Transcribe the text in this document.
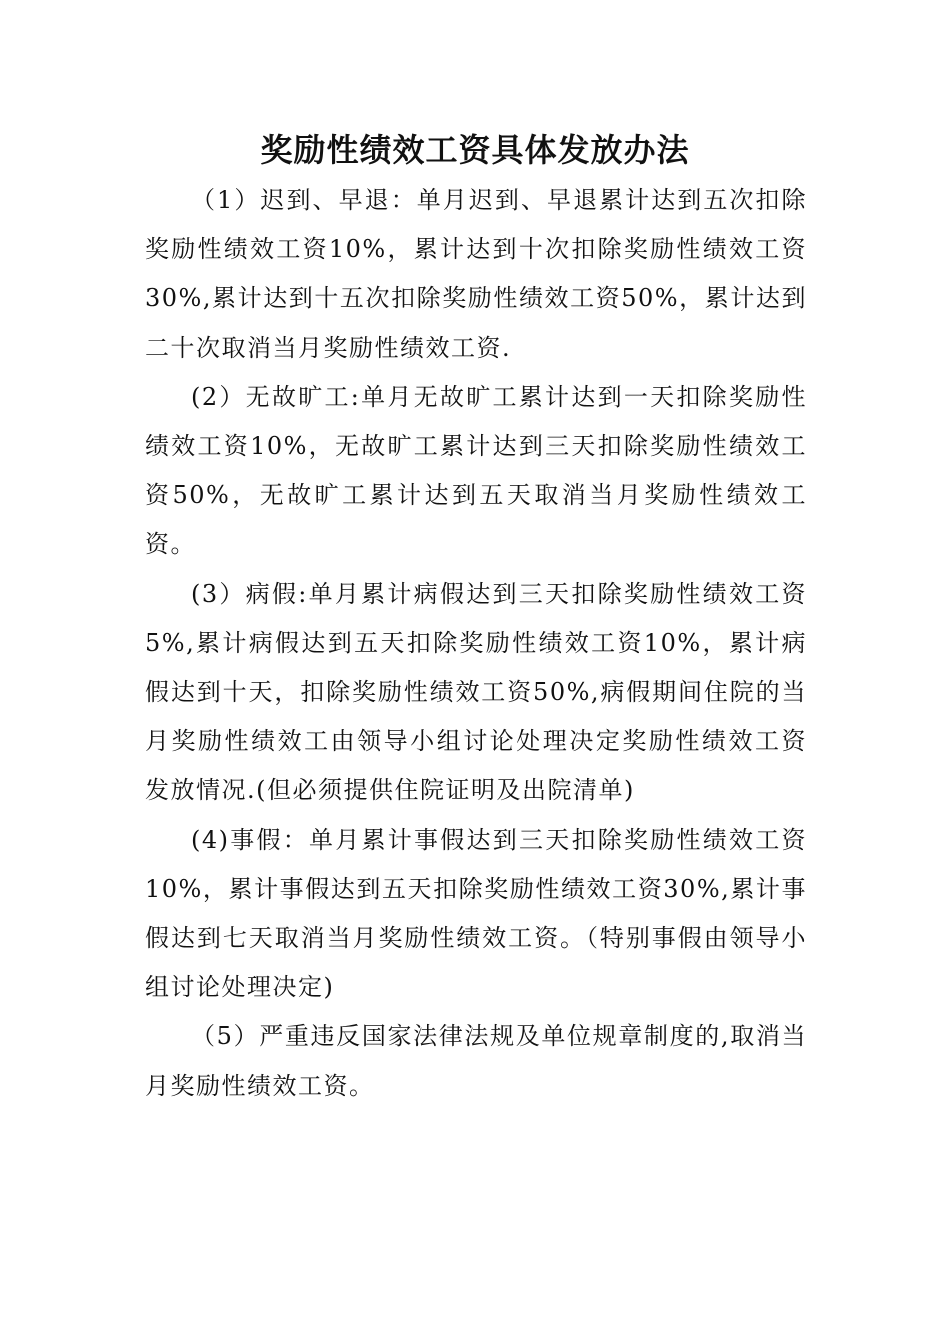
奖励性绩效工资具体发放办法

（1）迟到、早退：单月迟到、早退累计达到五次扣除奖励性绩效工资10%，累计达到十次扣除奖励性绩效工资30%,累计达到十五次扣除奖励性绩效工资50%，累计达到二十次取消当月奖励性绩效工资.

(2）无故旷工:单月无故旷工累计达到一天扣除奖励性绩效工资10%，无故旷工累计达到三天扣除奖励性绩效工资50%，无故旷工累计达到五天取消当月奖励性绩效工资。

(3）病假:单月累计病假达到三天扣除奖励性绩效工资5%,累计病假达到五天扣除奖励性绩效工资10%，累计病假达到十天，扣除奖励性绩效工资50%,病假期间住院的当月奖励性绩效工由领导小组讨论处理决定奖励性绩效工资发放情况.(但必须提供住院证明及出院清单)

(4)事假：单月累计事假达到三天扣除奖励性绩效工资10%，累计事假达到五天扣除奖励性绩效工资30%,累计事假达到七天取消当月奖励性绩效工资。（特别事假由领导小组讨论处理决定)

（5）严重违反国家法律法规及单位规章制度的,取消当月奖励性绩效工资。
